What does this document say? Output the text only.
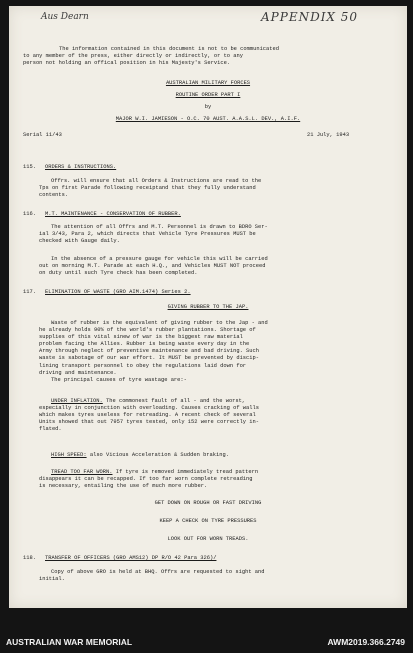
Aus Dearn	APPENDIX 50

The information contained in this document is not to be communicated

to any member of the press, either directly or indirectly, or to any

person not holding an offical position in his Majesty's Service.

AUSTRALIAN MILITARY FORCES
ROUTINE ORDER PART I
by
MAJOR W.I. JAMIESON - O.C. 70 AUST. A.A.S.L. DEV., A.I.F.
Serial 11/43	21 July, 1943
115. ORDERS & INSTRUCTIONS.

Offrs. will ensure that all Orders & Instructions are read to the

Tps on first Parade following receiptand that they fully understand

contents.

116. M.T. MAINTENANCE - CONSERVATION OF RUBBER.

The attention of all Offrs and M.T. Personnel is drawn to BDRO Ser-

ial 3/43, Para 2, which directs that Vehicle Tyre Pressures MUST be

checked with Gauge daily.

In the absence of a pressure gauge for vehicle this will be carried

out on morning M.T. Parade at each H.Q., and Vehicles MUST NOT proceed

on duty until such Tyre check has been completed.

117. ELIMINATION OF WASTE (GRO AIM.1474) Series 2.
GIVING RUBBER TO THE JAP.

Waste of rubber is the equivalent of giving rubber to the Jap - and

he already holds 90% of the world's rubber plantations. Shortage of

supplies of this vital sinew of war is the biggest raw material

problem facing the Allies. Rubber is being waste every day in the

Army through neglect of preventive maintenance and bad driving. Such

waste is sabotage of our war effort. It MUST be prevented by discip-

lining transport personnel to obey the regulations laid down for

driving and maintenance.

The principal causes of tyre wastage are:-

UNDER INFLATION. The commonest fault of all - and the worst,

especially in conjunction with overloading. Causes cracking of walls

which makes tyres useless for retreading. A recent check of several

Units showed that out 7957 tyres tested, only 152 were correctly in-

flated.

HIGH SPEED: also Vicious Acceleration & Sudden braking.

TREAD TOO FAR WORN. If tyre is removed immediately tread pattern

disappears it can be recapped. If too far worn complete retreading

is necessary, entailing the use of much more rubber.

GET DOWN ON ROUGH OR FAST DRIVING
KEEP A CHECK ON TYRE PRESSURES
LOOK OUT FOR WORN TREADS.
118. TRANSFER OF OFFICERS (GRO AMS12) DP R/O 42 Para 326)/

Copy of above GRO is held at BHQ. Offrs are requested to sight and

initial.

AUSTRALIAN WAR MEMORIAL	AWM2019.366.2749
